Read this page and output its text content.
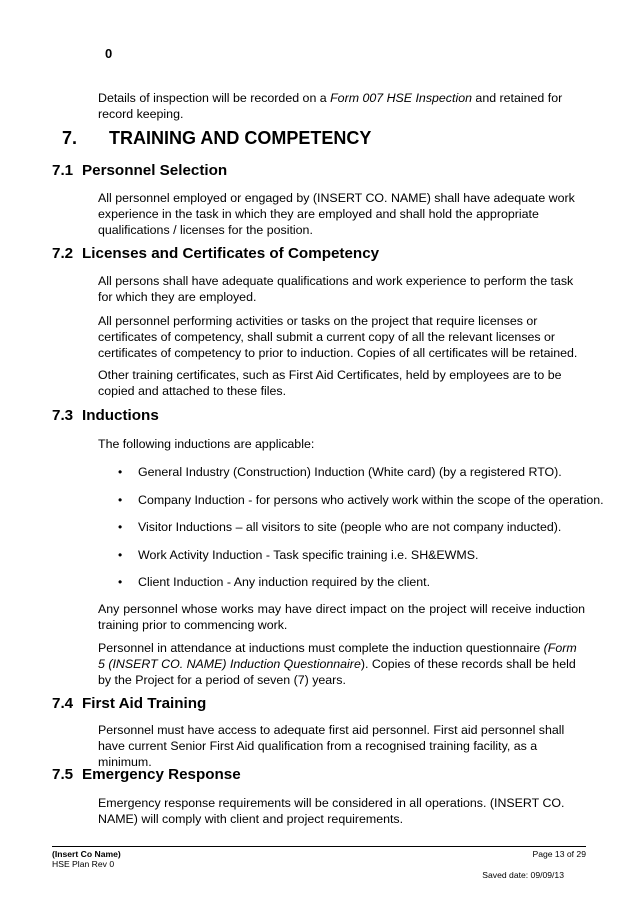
0
Details of inspection will be recorded on a Form 007 HSE Inspection and retained for record keeping.
7. TRAINING AND COMPETENCY
7.1 Personnel Selection
All personnel employed or engaged by (INSERT CO. NAME) shall have adequate work experience in the task in which they are employed and shall hold the appropriate qualifications / licenses for the position.
7.2 Licenses and Certificates of Competency
All persons shall have adequate qualifications and work experience to perform the task for which they are employed.
All personnel performing activities or tasks on the project that require licenses or certificates of competency, shall submit a current copy of all the relevant licenses or certificates of competency to prior to induction. Copies of all certificates will be retained.
Other training certificates, such as First Aid Certificates, held by employees are to be copied and attached to these files.
7.3 Inductions
The following inductions are applicable:
• General Industry (Construction) Induction (White card) (by a registered RTO).
• Company Induction - for persons who actively work within the scope of the operation.
• Visitor Inductions – all visitors to site (people who are not company inducted).
• Work Activity Induction - Task specific training i.e. SH&EWMS.
• Client Induction - Any induction required by the client.
Any personnel whose works may have direct impact on the project will receive induction training prior to commencing work.
Personnel in attendance at inductions must complete the induction questionnaire (Form 5 (INSERT CO. NAME) Induction Questionnaire). Copies of these records shall be held by the Project for a period of seven (7) years.
7.4 First Aid Training
Personnel must have access to adequate first aid personnel. First aid personnel shall have current Senior First Aid qualification from a recognised training facility, as a minimum.
7.5 Emergency Response
Emergency response requirements will be considered in all operations. (INSERT CO. NAME) will comply with client and project requirements.
(Insert Co Name)
HSE Plan Rev 0
Page 13 of 29
Saved date: 09/09/13
